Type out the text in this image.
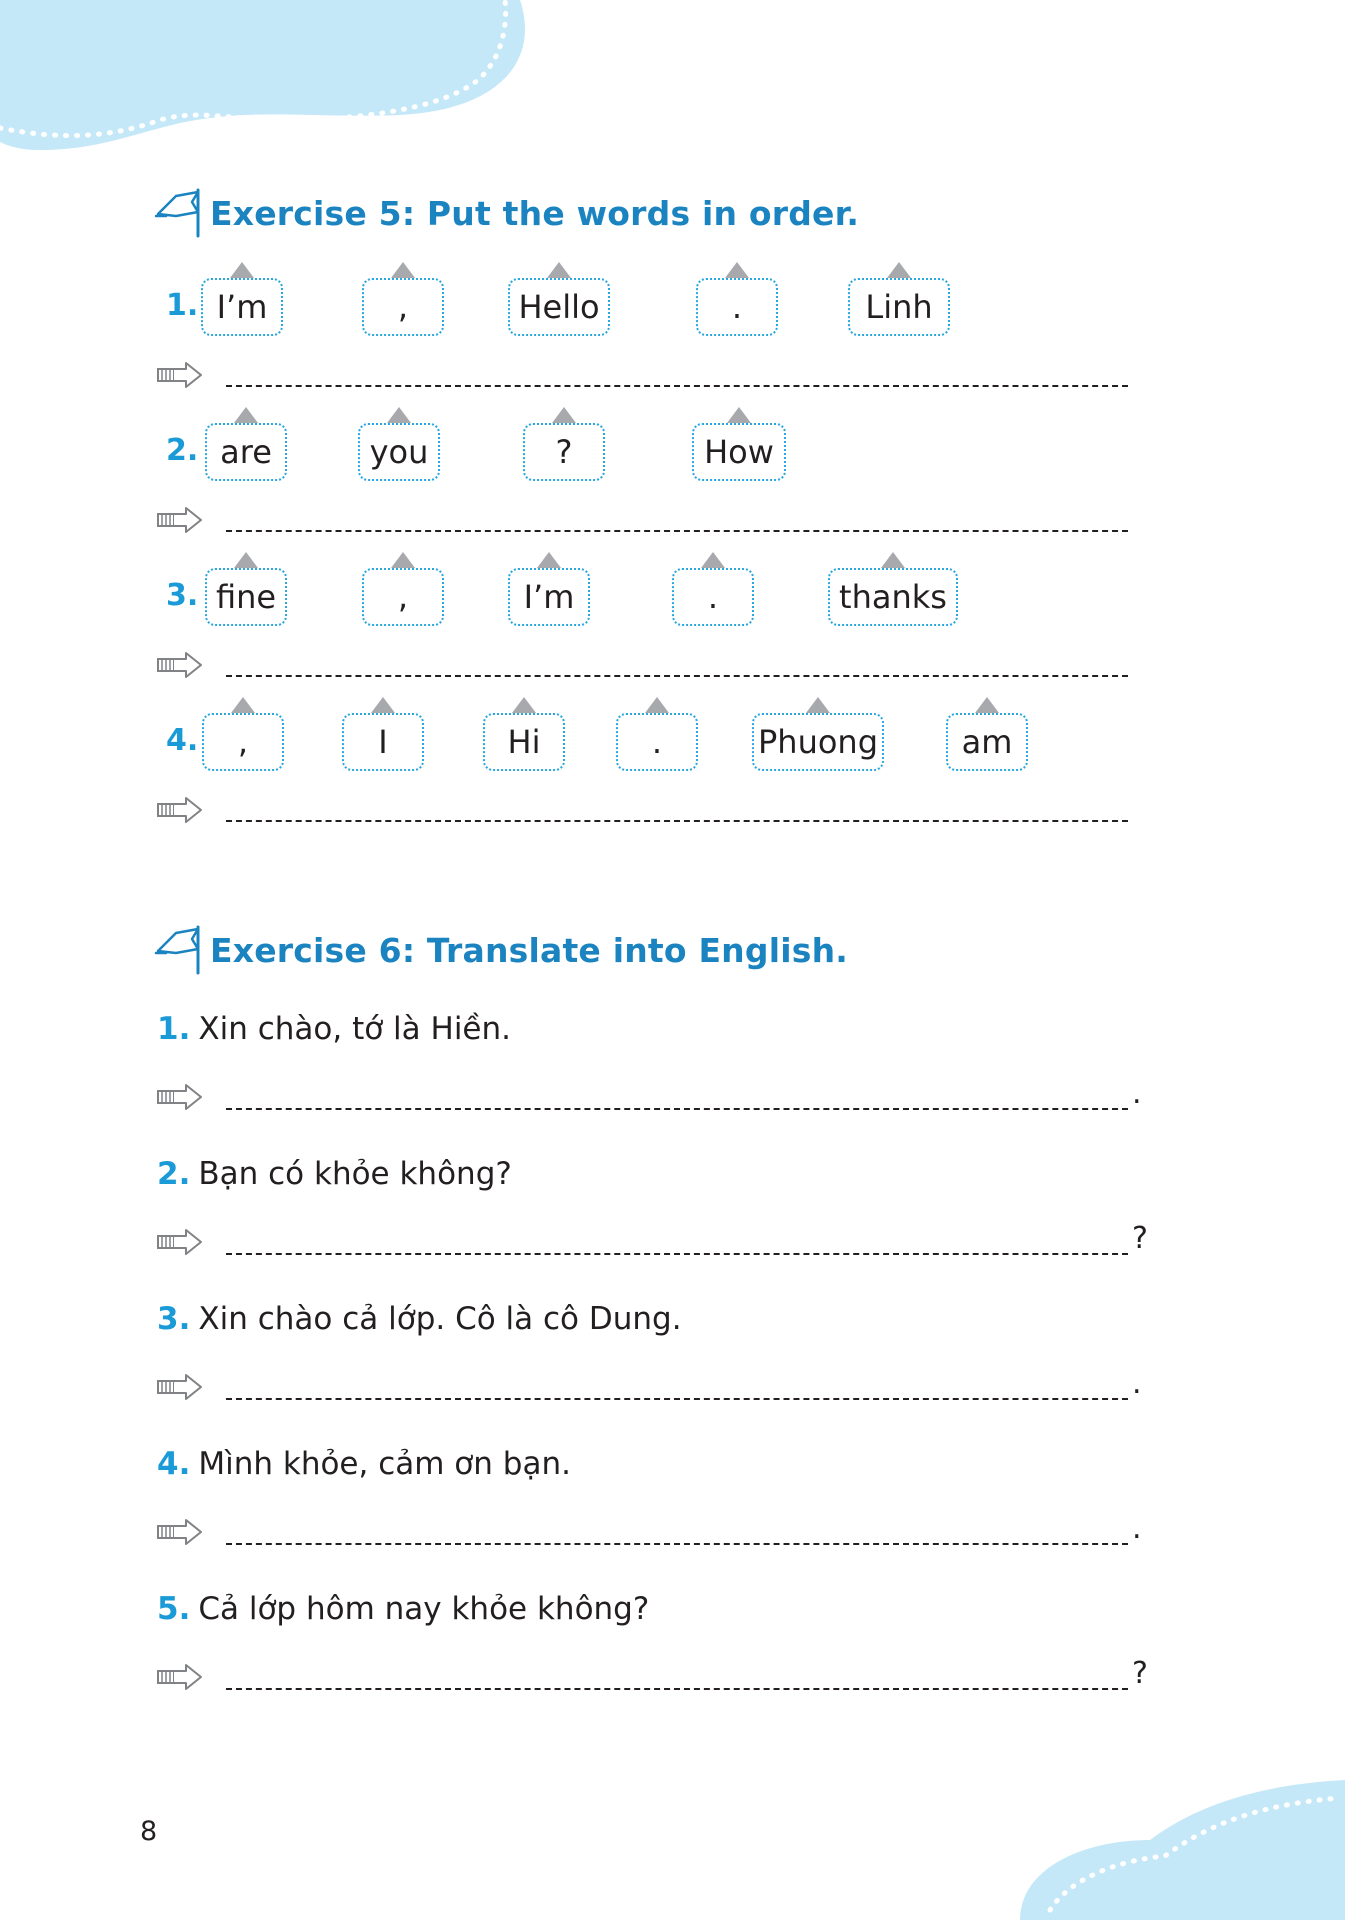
Exercise 5: Put the words in order.
1. I’m	,	Hello	.	Linh
2. are	you	?	How
3. fine	,	I’m	.	thanks
4. ,	I	Hi	.	Phuong	am
Exercise 6: Translate into English.
1. Xin chào, tớ là Hiền.
.
2. Bạn có khỏe không?
?
3. Xin chào cả lớp. Cô là cô Dung.
.
4. Mình khỏe, cảm ơn bạn.
.
5. Cả lớp hôm nay khỏe không?
?
8
